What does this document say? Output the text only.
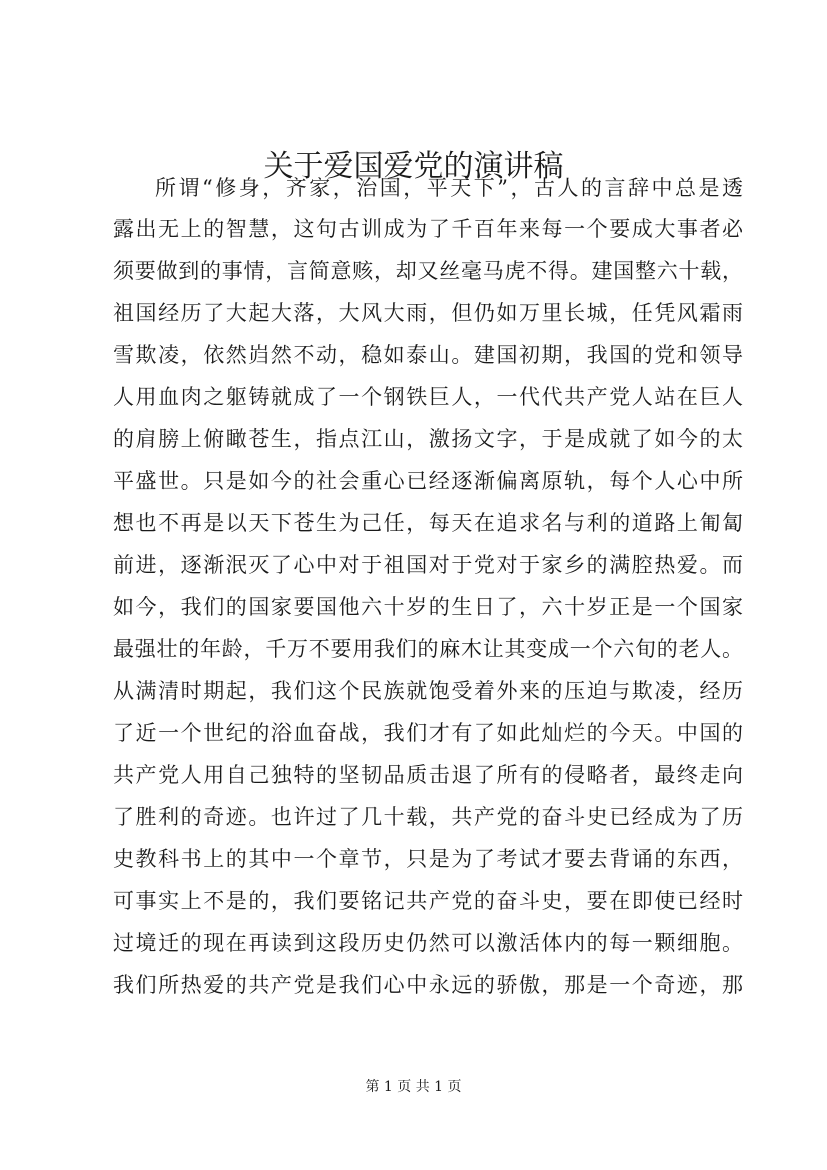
关于爱国爱党的演讲稿
所谓“修身，齐家，治国，平天下”，古人的言辞中总是透
露出无上的智慧，这句古训成为了千百年来每一个要成大事者必
须要做到的事情，言简意赅，却又丝毫马虎不得。建国整六十载，
祖国经历了大起大落，大风大雨，但仍如万里长城，任凭风霜雨
雪欺凌，依然岿然不动，稳如泰山。建国初期，我国的党和领导
人用血肉之躯铸就成了一个钢铁巨人，一代代共产党人站在巨人
的肩膀上俯瞰苍生，指点江山，激扬文字，于是成就了如今的太
平盛世。只是如今的社会重心已经逐渐偏离原轨，每个人心中所
想也不再是以天下苍生为己任，每天在追求名与利的道路上匍匐
前进，逐渐泯灭了心中对于祖国对于党对于家乡的满腔热爱。而
如今，我们的国家要国他六十岁的生日了，六十岁正是一个国家
最强壮的年龄，千万不要用我们的麻木让其变成一个六旬的老人。
从满清时期起，我们这个民族就饱受着外来的压迫与欺凌，经历
了近一个世纪的浴血奋战，我们才有了如此灿烂的今天。中国的
共产党人用自己独特的坚韧品质击退了所有的侵略者，最终走向
了胜利的奇迹。也许过了几十载，共产党的奋斗史已经成为了历
史教科书上的其中一个章节，只是为了考试才要去背诵的东西，
可事实上不是的，我们要铭记共产党的奋斗史，要在即使已经时
过境迁的现在再读到这段历史仍然可以激活体内的每一颗细胞。
我们所热爱的共产党是我们心中永远的骄傲，那是一个奇迹，那
第 1 页 共 1 页
